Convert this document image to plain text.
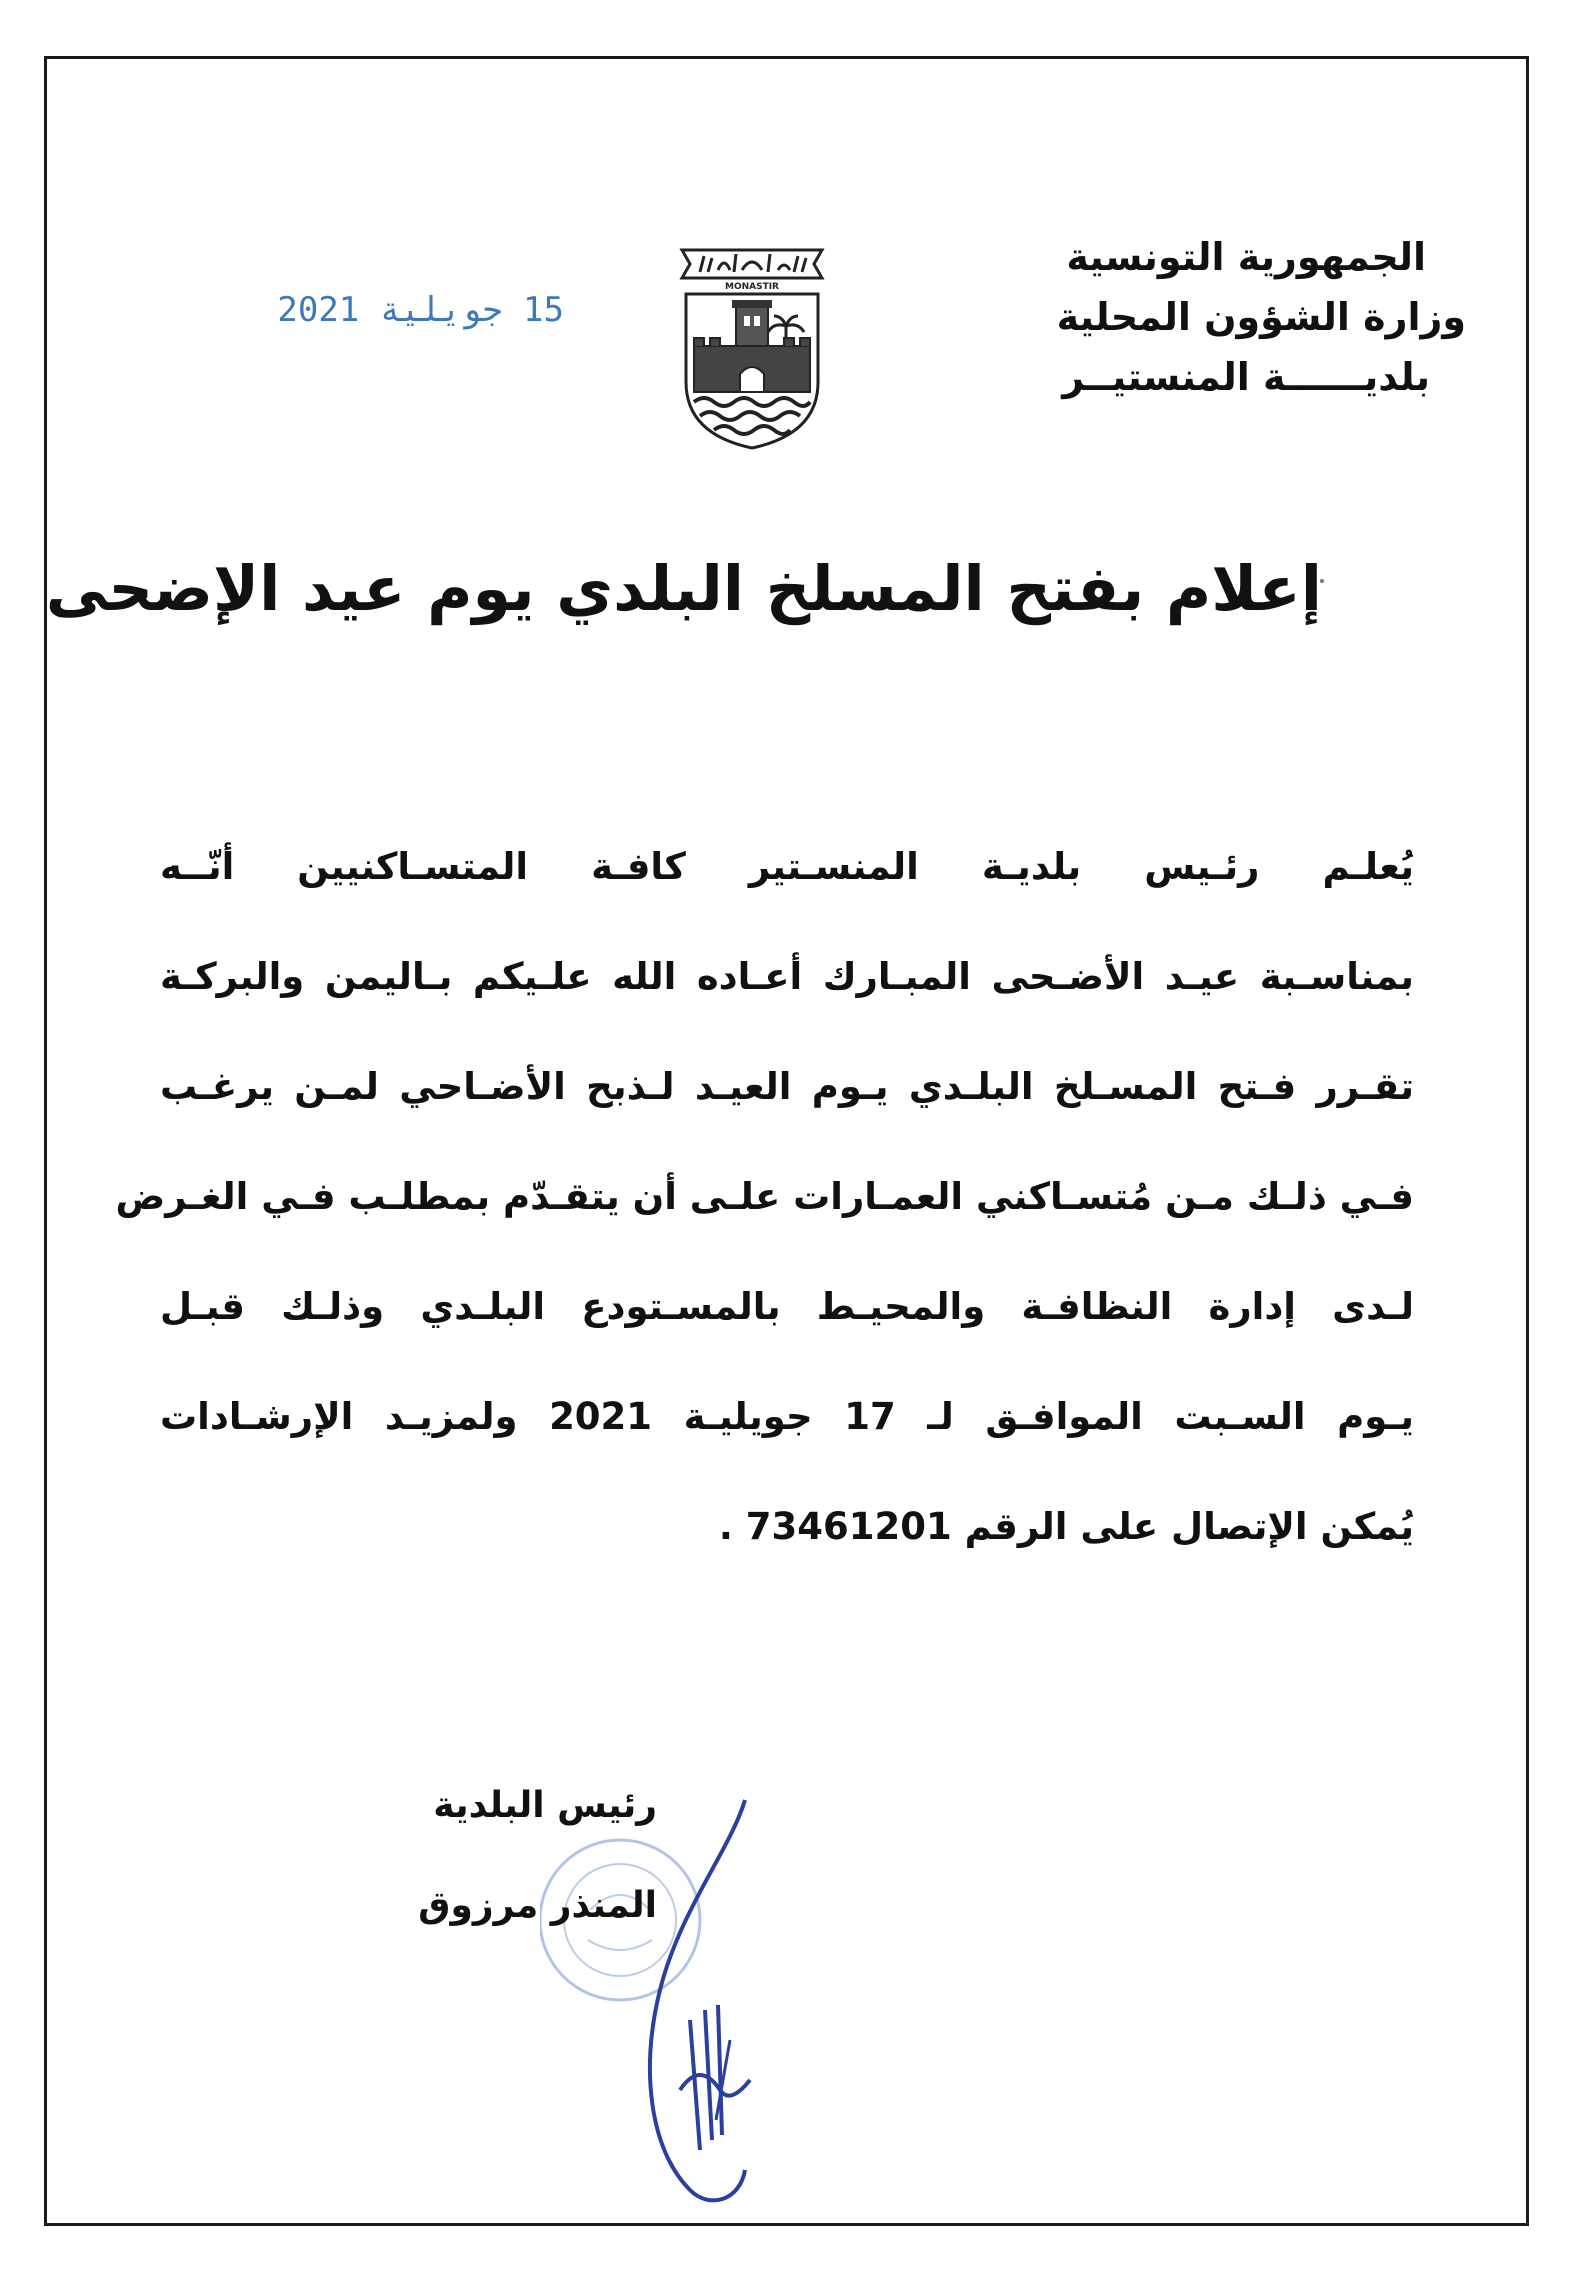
الجمهورية التونسية
وزارة الشؤون المحلية
بلديــــــة المنستيــر
MONASTIR
15 جويلية 2021
إعلام بفتح المسلخ البلدي يوم عيد الإضحى
يُعلـم رئـيس بلديـة المنسـتير كافـة المتسـاكنيين أنّــه
بمناسـبة عيـد الأضـحى المبـارك أعـاده الله علـيكم بـاليمن والبركـة
تقـرر فـتح المسـلخ البلـدي يـوم العيـد لـذبح الأضـاحي لمـن يرغـب
فـي ذلـك مـن مُتسـاكني العمـارات علـى أن يتقـدّم بمطلـب فـي الغـرض
لـدى إدارة النظافـة والمحيـط بالمسـتودع البلـدي وذلـك قبـل
يـوم السـبت الموافـق لـ 17 جويليـة 2021 ولمزيـد الإرشـادات
يُمكن الإتصال على الرقم 73461201 .
رئيس البلدية
المنذر مرزوق
